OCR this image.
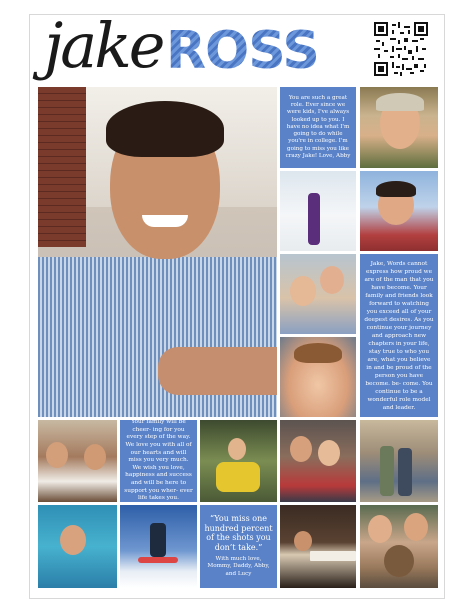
jake ROSS

You are such a great role. Ever since we were kids, I've always looked up to you. I have no idea what I'm going to do while you're in college. I'm going to miss you like crazy Jake! Love, Abby

Jake, Words cannot express how proud we are of the man that you have become. Your family and friends look forward to watching you exceed all of your deepest desires. As you continue your journey and approach new chapters in your life, stay true to who you are, what you believe in and be proud of the person you have become. be- come. You continue to be a wonderful role model and leader.

Your family will be cheer- ing for you every step of the way. We love you with all of our hearts and will miss you very much. We wish you love, happiness and success and will be here to support you wher- ever life takes you.

“You miss one hundred percent of the shots you don’t take.”

With much love, Mommy, Daddy, Abby, and Lucy
